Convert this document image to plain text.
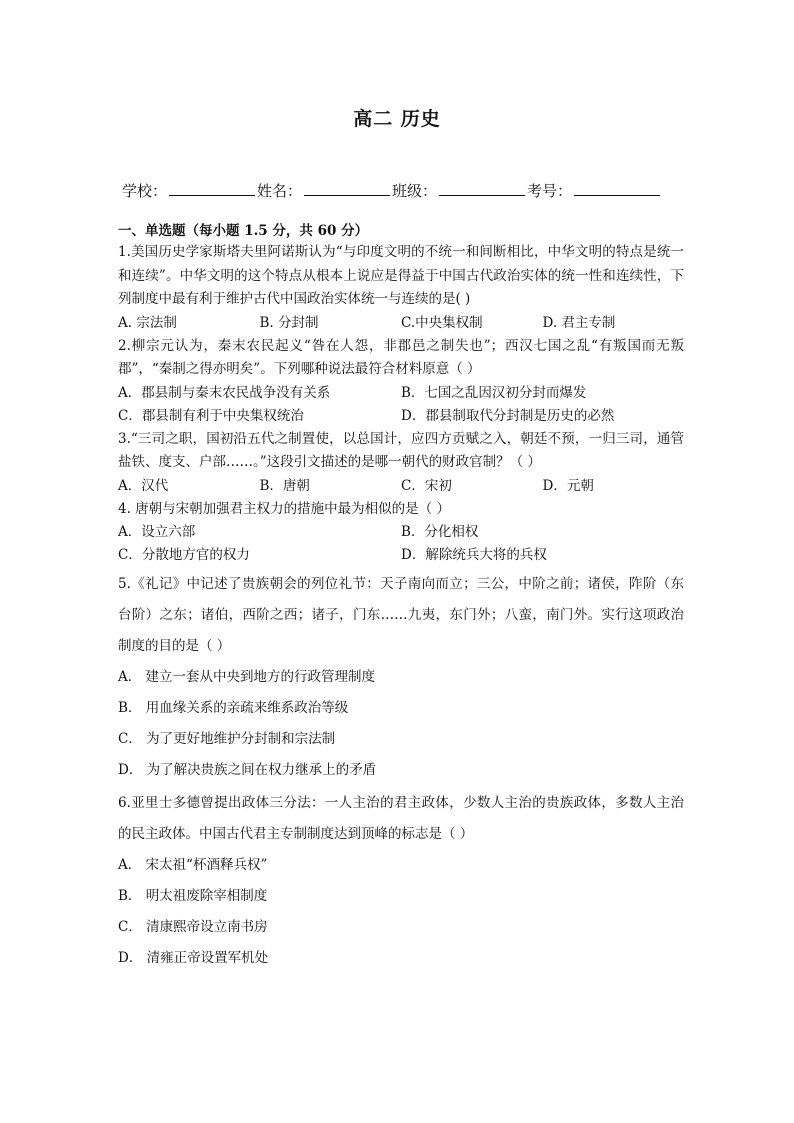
高二 历史
学校：	姓名：	班级：	考号：

一、单选题（每小题 1.5 分，共 60 分）

1.美国历史学家斯塔夫里阿诺斯认为“与印度文明的不统一和间断相比，中华文明的特点是统一和连续”。中华文明的这个特点从根本上说应是得益于中国古代政治实体的统一性和连续性，下列制度中最有利于维护古代中国政治实体统一与连续的是( )

A. 宗法制	B. 分封制	C.中央集权制	D. 君主专制

2.柳宗元认为，秦末农民起义“咎在人怨，非郡邑之制失也”；西汉七国之乱“有叛国而无叛郡”，“秦制之得亦明矣”。下列哪种说法最符合材料原意（ ）

A．郡县制与秦末农民战争没有关系	B．七国之乱因汉初分封而爆发
C．郡县制有利于中央集权统治	D．郡县制取代分封制是历史的必然

3.“三司之职，国初沿五代之制置使，以总国计，应四方贡赋之入，朝廷不预，一归三司，通管盐铁、度支、户部……。”这段引文描述的是哪一朝代的财政官制？（ ）

A．汉代	B．唐朝	C．宋初	D．元朝

4. 唐朝与宋朝加强君主权力的措施中最为相似的是（ ）

A．设立六部	B．分化相权
C．分散地方官的权力	D．解除统兵大将的兵权

5.《礼记》中记述了贵族朝会的列位礼节：天子南向而立；三公，中阶之前；诸侯，阼阶（东台阶）之东；诸伯，西阶之西；诸子，门东……九夷，东门外；八蛮，南门外。实行这项政治制度的目的是（ ）

A． 建立一套从中央到地方的行政管理制度

B． 用血缘关系的亲疏来维系政治等级

C． 为了更好地维护分封制和宗法制

D． 为了解决贵族之间在权力继承上的矛盾

6.亚里士多德曾提出政体三分法：一人主治的君主政体，少数人主治的贵族政体，多数人主治的民主政体。中国古代君主专制制度达到顶峰的标志是（ ）

A． 宋太祖“杯酒释兵权”

B． 明太祖废除宰相制度

C． 清康熙帝设立南书房

D． 清雍正帝设置军机处
